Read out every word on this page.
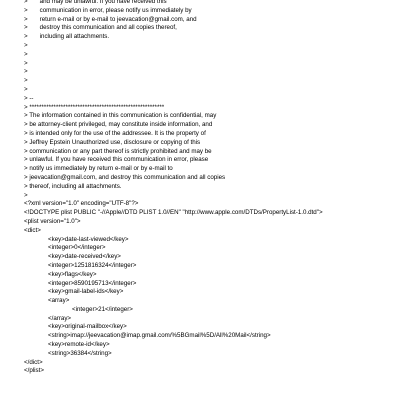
>       and may be unlawful. If you have received this
>       communication in error, please notify us immediately by
>       return e-mail or by e-mail to jeevacation@gmail.com, and
>       destroy this communication and all copies thereof,
>       including all attachments.
>
>
>
>
>
>
> --
> ********************************************************
> The information contained in this communication is confidential, may
> be attorney-client privileged, may constitute inside information, and
> is intended only for the use of the addressee. It is the property of
> Jeffrey Epstein Unauthorized use, disclosure or copying of this
> communication or any part thereof is strictly prohibited and may be
> unlawful. If you have received this communication in error, please
> notify us immediately by return e-mail or by e-mail to
> jeevacation@gmail.com, and destroy this communication and all copies
> thereof, including all attachments.
>
<?xml version="1.0" encoding="UTF-8"?>
<!DOCTYPE plist PUBLIC "-//Apple//DTD PLIST 1.0//EN" "http://www.apple.com/DTDs/PropertyList-1.0.dtd">
<plist version="1.0">
<dict>
<key>date-last-viewed</key>
<integer>0</integer>
<key>date-received</key>
<integer>1251816324</integer>
<key>flags</key>
<integer>8590195713</integer>
<key>gmail-label-ids</key>
<array>
<integer>21</integer>
</array>
<key>original-mailbox</key>
<string>imap://jeevacation@imap.gmail.com/%5BGmail%5D/All%20Mail</string>
<key>remote-id</key>
<string>36384</string>
</dict>
</plist>
